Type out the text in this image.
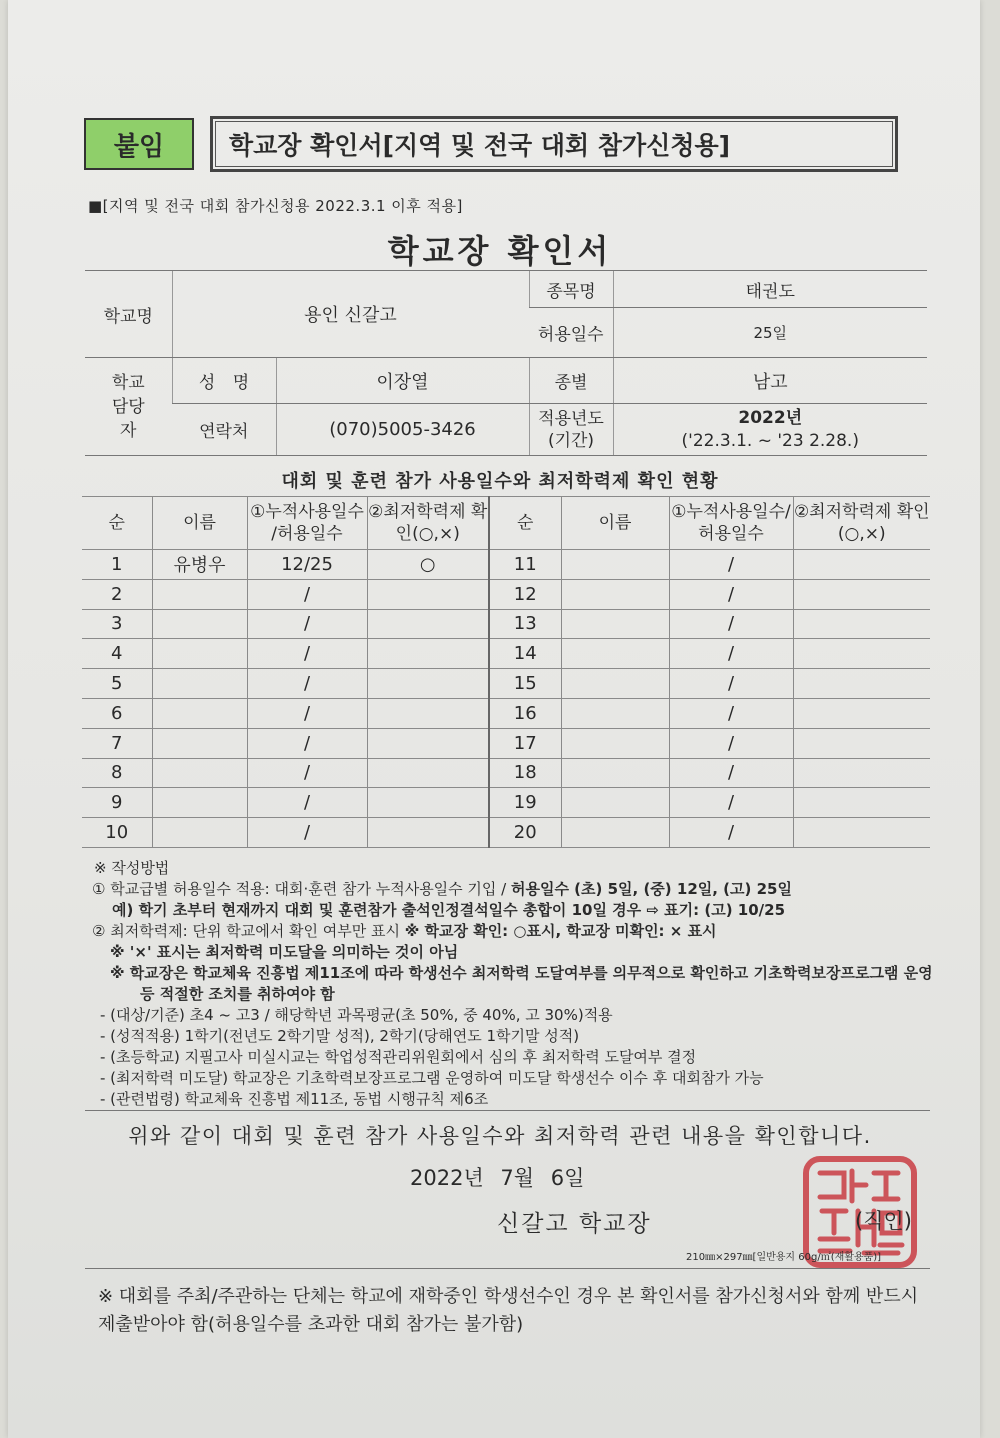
붙임	학교장 확인서[지역 및 전국 대회 참가신청용]
■[지역 및 전국 대회 참가신청용 2022.3.1 이후 적용]
학교장 확인서
학교명	용인 신갈고		종목명	태권도
			허용일수	25일
학교 담당자	성 명	이장열	종별	남고
	연락처	(070)5005-3426	적용년도 (기간)	2022년
('22.3.1. ~ '23 2.28.)
대회 및 훈련 참가 사용일수와 최저학력제 확인 현황
순	이름	①누적사용일수 /허용일수	②최저학력제 확인(○,×)	순	이름	①누적사용일수/ 허용일수	②최저학력제 확인(○,×)
1	유병우	12/25	○	11		/	
2		/		12		/	
3		/		13		/	
4		/		14		/	
5		/		15		/	
6		/		16		/	
7		/		17		/	
8		/		18		/	
9		/		19		/	
10		/		20		/	

※ 작성방법

① 학교급별 허용일수 적용: 대회·훈련 참가 누적사용일수 기입 / 허용일수 (초) 5일, (중) 12일, (고) 25일

예) 학기 초부터 현재까지 대회 및 훈련참가 출석인정결석일수 총합이 10일 경우 ⇨ 표기: (고) 10/25

② 최저학력제: 단위 학교에서 확인 여부만 표시 ※ 학교장 확인: ○표시, 학교장 미확인: × 표시

※ '×' 표시는 최저학력 미도달을 의미하는 것이 아님

※ 학교장은 학교체육 진흥법 제11조에 따라 학생선수 최저학력 도달여부를 의무적으로 확인하고 기초학력보장프로그램 운영 등 적절한 조치를 취하여야 함

- (대상/기준) 초4 ~ 고3 / 해당학년 과목평균(초 50%, 중 40%, 고 30%)적용

- (성적적용) 1학기(전년도 2학기말 성적), 2학기(당해연도 1학기말 성적)

- (초등학교) 지필고사 미실시교는 학업성적관리위원회에서 심의 후 최저학력 도달여부 결정

- (최저학력 미도달) 학교장은 기초학력보장프로그램 운영하여 미도달 학생선수 이수 후 대회참가 가능

- (관련법령) 학교체육 진흥법 제11조, 동법 시행규칙 제6조

위와 같이 대회 및 훈련 참가 사용일수와 최저학력 관련 내용을 확인합니다.
2022년 7월 6일
신갈고 학교장	(직인)
210㎜×297㎜[일반용지 60g/㎡(재활용품)]
※ 대회를 주최/주관하는 단체는 학교에 재학중인 학생선수인 경우 본 확인서를 참가신청서와 함께 반드시 제출받아야 함(허용일수를 초과한 대회 참가는 불가함)
